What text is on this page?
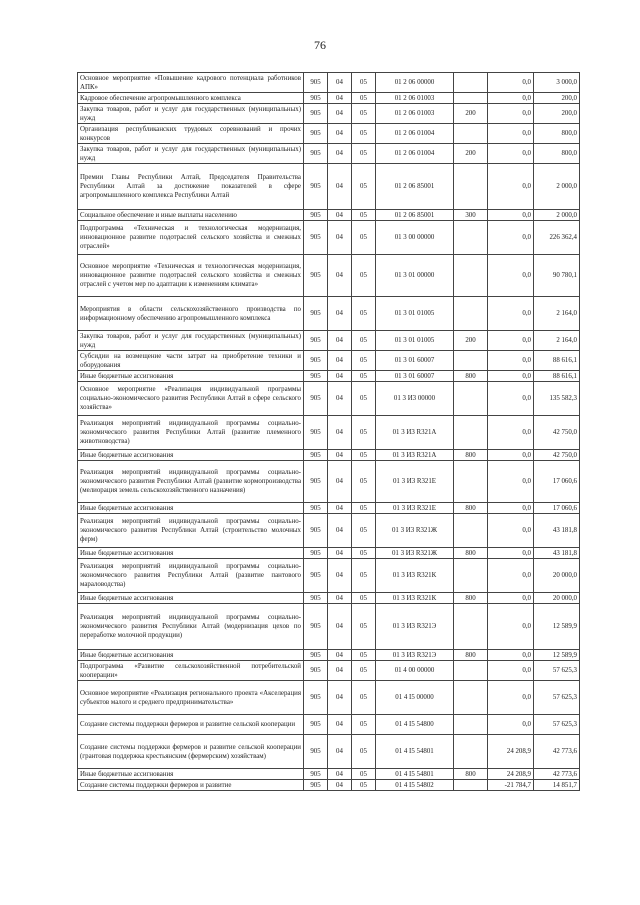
76
Основное мероприятие «Повышение кадрового потенциала работников АПК»	905	04	05	01 2 06 00000		0,0	3 000,0
Кадровое обеспечение агропромышленного комплекса	905	04	05	01 2 06 01003		0,0	200,0
Закупка товаров, работ и услуг для государственных (муниципальных) нужд	905	04	05	01 2 06 01003	200	0,0	200,0
Организация республиканских трудовых соревнований и прочих конкурсов	905	04	05	01 2 06 01004		0,0	800,0
Закупка товаров, работ и услуг для государственных (муниципальных) нужд	905	04	05	01 2 06 01004	200	0,0	800,0
Премии Главы Республики Алтай, Председателя Правительства Республики Алтай за достижение показателей в сфере агропромышленного комплекса Республики Алтай	905	04	05	01 2 06 85001		0,0	2 000,0
Социальное обеспечение и иные выплаты населению	905	04	05	01 2 06 85001	300	0,0	2 000,0
Подпрограмма «Техническая и технологическая модернизация, инновационное развитие подотраслей сельского хозяйства и смежных отраслей»	905	04	05	01 3 00 00000		0,0	226 362,4
Основное мероприятие «Техническая и технологическая модернизация, инновационное развитие подотраслей сельского хозяйства и смежных отраслей с учетом мер по адаптации к изменениям климата»	905	04	05	01 3 01 00000		0,0	90 780,1
Мероприятия в области сельскохозяйственного производства по информационному обеспечению агропромышленного комплекса	905	04	05	01 3 01 01005		0,0	2 164,0
Закупка товаров, работ и услуг для государственных (муниципальных) нужд	905	04	05	01 3 01 01005	200	0,0	2 164,0
Субсидии на возмещение части затрат на приобретение техники и оборудования	905	04	05	01 3 01 60007		0,0	88 616,1
Иные бюджетные ассигнования	905	04	05	01 3 01 60007	800	0,0	88 616,1
Основное мероприятие «Реализация индивидуальной программы социально-экономического развития Республики Алтай в сфере сельского хозяйства»	905	04	05	01 3 И3 00000		0,0	135 582,3
Реализация мероприятий индивидуальной программы социально-экономического развития Республики Алтай (развитие племенного животноводства)	905	04	05	01 3 И3 R321А		0,0	42 750,0
Иные бюджетные ассигнования	905	04	05	01 3 И3 R321А	800	0,0	42 750,0
Реализация мероприятий индивидуальной программы социально-экономического развития Республики Алтай (развитие кормопроизводства (мелиорация земель сельскохозяйственного назначения)	905	04	05	01 3 И3 R321Е		0,0	17 060,6
Иные бюджетные ассигнования	905	04	05	01 3 И3 R321Е	800	0,0	17 060,6
Реализация мероприятий индивидуальной программы социально-экономического развития Республики Алтай (строительство молочных ферм)	905	04	05	01 3 И3 R321Ж		0,0	43 181,8
Иные бюджетные ассигнования	905	04	05	01 3 И3 R321Ж	800	0,0	43 181,8
Реализация мероприятий индивидуальной программы социально-экономического развития Республики Алтай (развитие пантового мараловодства)	905	04	05	01 3 И3 R321К		0,0	20 000,0
Иные бюджетные ассигнования	905	04	05	01 3 И3 R321К	800	0,0	20 000,0
Реализация мероприятий индивидуальной программы социально-экономического развития Республики Алтай (модернизация цехов по переработке молочной продукции)	905	04	05	01 3 И3 R321Э		0,0	12 589,9
Иные бюджетные ассигнования	905	04	05	01 3 И3 R321Э	800	0,0	12 589,9
Подпрограмма «Развитие сельскохозяйственной потребительской кооперации»	905	04	05	01 4 00 00000		0,0	57 625,3
Основное мероприятие «Реализация регионального проекта «Акселерация субъектов малого и среднего предпринимательства»	905	04	05	01 4 I5 00000		0,0	57 625,3
Создание системы поддержки фермеров и развитие сельской кооперации	905	04	05	01 4 I5 54800		0,0	57 625,3
Создание системы поддержки фермеров и развитие сельской кооперации (грантовая поддержка крестьянским (фермерским) хозяйствам)	905	04	05	01 4 I5 54801		24 208,9	42 773,6
Иные бюджетные ассигнования	905	04	05	01 4 I5 54801	800	24 208,9	42 773,6
Создание системы поддержки фермеров и развитие	905	04	05	01 4 I5 54802		-21 784,7	14 851,7
